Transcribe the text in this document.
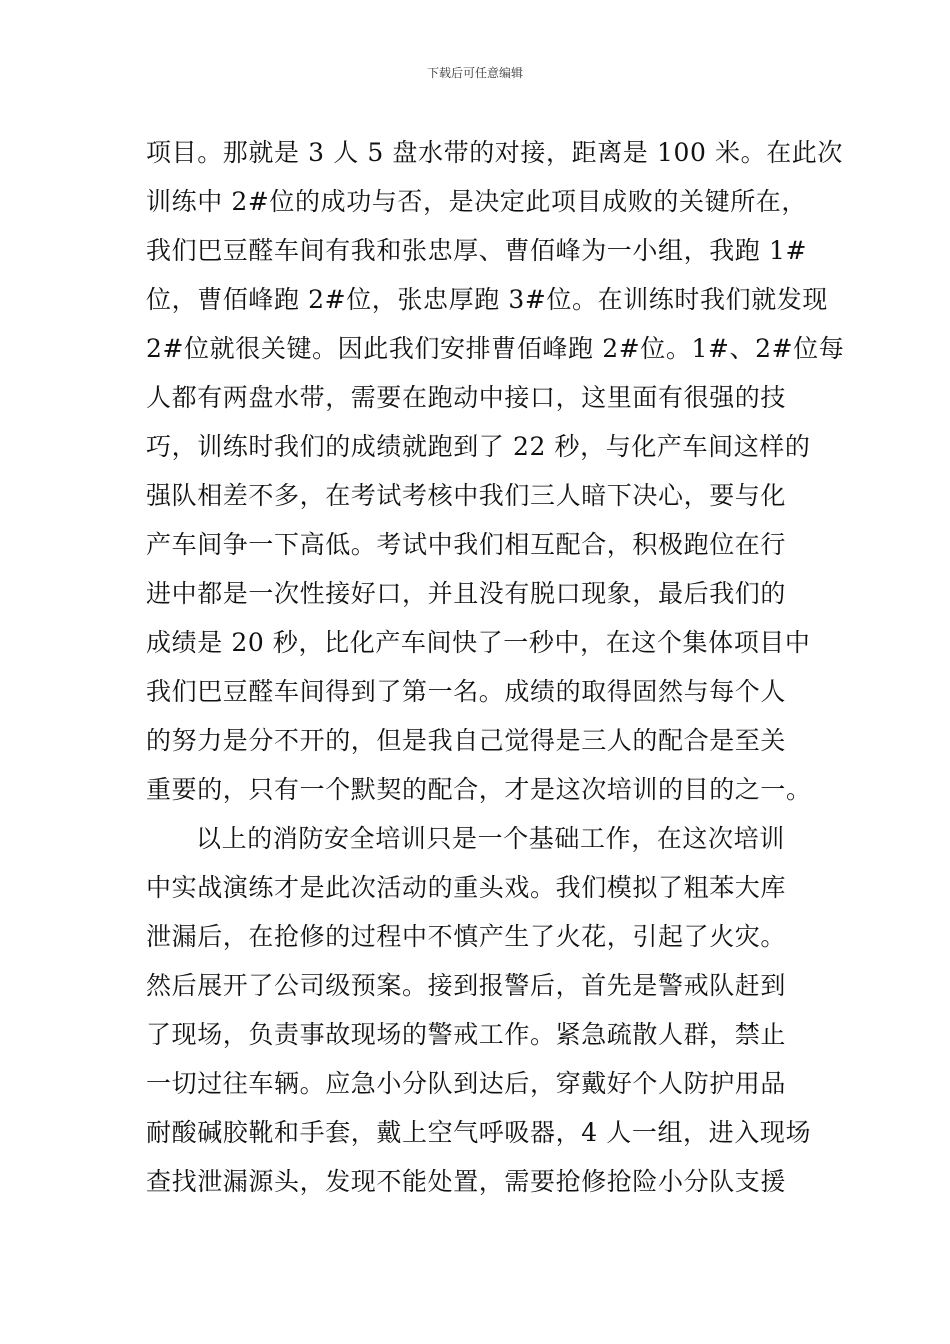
下载后可任意编辑
项目。那就是 3 人 5 盘水带的对接，距离是 100 米。在此次
训练中 2#位的成功与否，是决定此项目成败的关键所在，
我们巴豆醛车间有我和张忠厚、曹佰峰为一小组，我跑 1#
位，曹佰峰跑 2#位，张忠厚跑 3#位。在训练时我们就发现
2#位就很关键。因此我们安排曹佰峰跑 2#位。1#、2#位每
人都有两盘水带，需要在跑动中接口，这里面有很强的技
巧，训练时我们的成绩就跑到了 22 秒，与化产车间这样的
强队相差不多，在考试考核中我们三人暗下决心，要与化
产车间争一下高低。考试中我们相互配合，积极跑位在行
进中都是一次性接好口，并且没有脱口现象，最后我们的
成绩是 20 秒，比化产车间快了一秒中，在这个集体项目中
我们巴豆醛车间得到了第一名。成绩的取得固然与每个人
的努力是分不开的，但是我自己觉得是三人的配合是至关
重要的，只有一个默契的配合，才是这次培训的目的之一。
以上的消防安全培训只是一个基础工作，在这次培训
中实战演练才是此次活动的重头戏。我们模拟了粗苯大库
泄漏后，在抢修的过程中不慎产生了火花，引起了火灾。
然后展开了公司级预案。接到报警后，首先是警戒队赶到
了现场，负责事故现场的警戒工作。紧急疏散人群，禁止
一切过往车辆。应急小分队到达后，穿戴好个人防护用品
耐酸碱胶靴和手套，戴上空气呼吸器，4 人一组，进入现场
查找泄漏源头，发现不能处置，需要抢修抢险小分队支援
